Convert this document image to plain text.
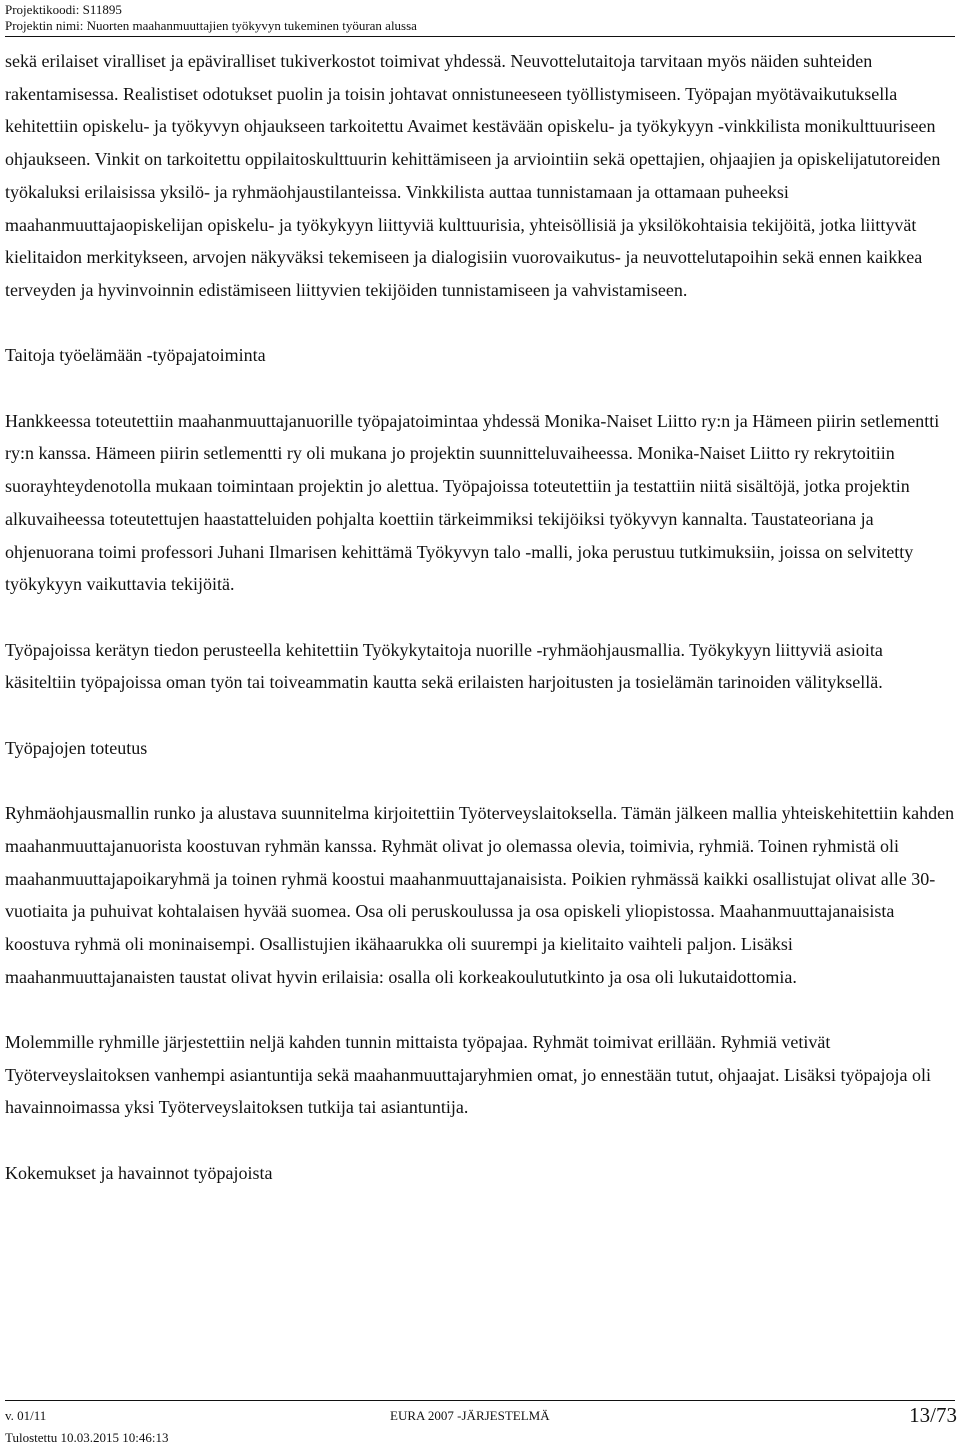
Projektikoodi: S11895
Projektin nimi: Nuorten maahanmuuttajien työkyvyn tukeminen työuran alussa

sekä erilaiset viralliset ja epäviralliset tukiverkostot toimivat yhdessä. Neuvottelutaitoja tarvitaan myös näiden suhteiden rakentamisessa. Realistiset odotukset puolin ja toisin johtavat onnistuneeseen työllistymiseen. Työpajan myötävaikutuksella kehitettiin opiskelu- ja työkyvyn ohjaukseen tarkoitettu Avaimet kestävään opiskelu- ja työkykyyn -vinkkilista monikulttuuriseen ohjaukseen. Vinkit on tarkoitettu oppilaitoskulttuurin kehittämiseen ja arviointiin sekä opettajien, ohjaajien ja opiskelijatutoreiden työkaluksi erilaisissa yksilö- ja ryhmäohjaustilanteissa. Vinkkilista auttaa tunnistamaan ja ottamaan puheeksi maahanmuuttajaopiskelijan opiskelu- ja työkykyyn liittyviä kulttuurisia, yhteisöllisiä ja yksilökohtaisia tekijöitä, jotka liittyvät kielitaidon merkitykseen, arvojen näkyväksi tekemiseen ja dialogisiin vuorovaikutus- ja neuvottelutapoihin sekä ennen kaikkea terveyden ja hyvinvoinnin edistämiseen liittyvien tekijöiden tunnistamiseen ja vahvistamiseen.

Taitoja työelämään -työpajatoiminta

Hankkeessa toteutettiin maahanmuuttajanuorille työpajatoimintaa yhdessä Monika-Naiset Liitto ry:n ja Hämeen piirin setlementti ry:n kanssa. Hämeen piirin setlementti ry oli mukana jo projektin suunnitteluvaiheessa. Monika-Naiset Liitto ry rekrytoitiin suorayhteydenotolla mukaan toimintaan projektin jo alettua. Työpajoissa toteutettiin ja testattiin niitä sisältöjä, jotka projektin alkuvaiheessa toteutettujen haastatteluiden pohjalta koettiin tärkeimmiksi tekijöiksi työkyvyn kannalta. Taustateoriana ja ohjenuorana toimi professori Juhani Ilmarisen kehittämä Työkyvyn talo -malli, joka perustuu tutkimuksiin, joissa on selvitetty työkykyyn vaikuttavia tekijöitä.

Työpajoissa kerätyn tiedon perusteella kehitettiin Työkykytaitoja nuorille -ryhmäohjausmallia. Työkykyyn liittyviä asioita käsiteltiin työpajoissa oman työn tai toiveammatin kautta sekä erilaisten harjoitusten ja tosielämän tarinoiden välityksellä.

Työpajojen toteutus

Ryhmäohjausmallin runko ja alustava suunnitelma kirjoitettiin Työterveyslaitoksella. Tämän jälkeen mallia yhteiskehitettiin kahden maahanmuuttajanuorista koostuvan ryhmän kanssa. Ryhmät olivat jo olemassa olevia, toimivia, ryhmiä. Toinen ryhmistä oli maahanmuuttajapoikaryhmä ja toinen ryhmä koostui maahanmuuttajanaisista. Poikien ryhmässä kaikki osallistujat olivat alle 30-vuotiaita ja puhuivat kohtalaisen hyvää suomea. Osa oli peruskoulussa ja osa opiskeli yliopistossa. Maahanmuuttajanaisista koostuva ryhmä oli moninaisempi. Osallistujien ikähaarukka oli suurempi ja kielitaito vaihteli paljon. Lisäksi maahanmuuttajanaisten taustat olivat hyvin erilaisia: osalla oli korkeakoulututkinto ja osa oli lukutaidottomia.

Molemmille ryhmille järjestettiin neljä kahden tunnin mittaista työpajaa. Ryhmät toimivat erillään. Ryhmiä vetivät Työterveyslaitoksen vanhempi asiantuntija sekä maahanmuuttajaryhmien omat, jo ennestään tutut, ohjaajat. Lisäksi työpajoja oli havainnoimassa yksi Työterveyslaitoksen tutkija tai asiantuntija.

Kokemukset ja havainnot työpajoista
v. 01/11
Tulostettu 10.03.2015 10:46:13
EURA 2007 -JÄRJESTELMÄ	13/73
